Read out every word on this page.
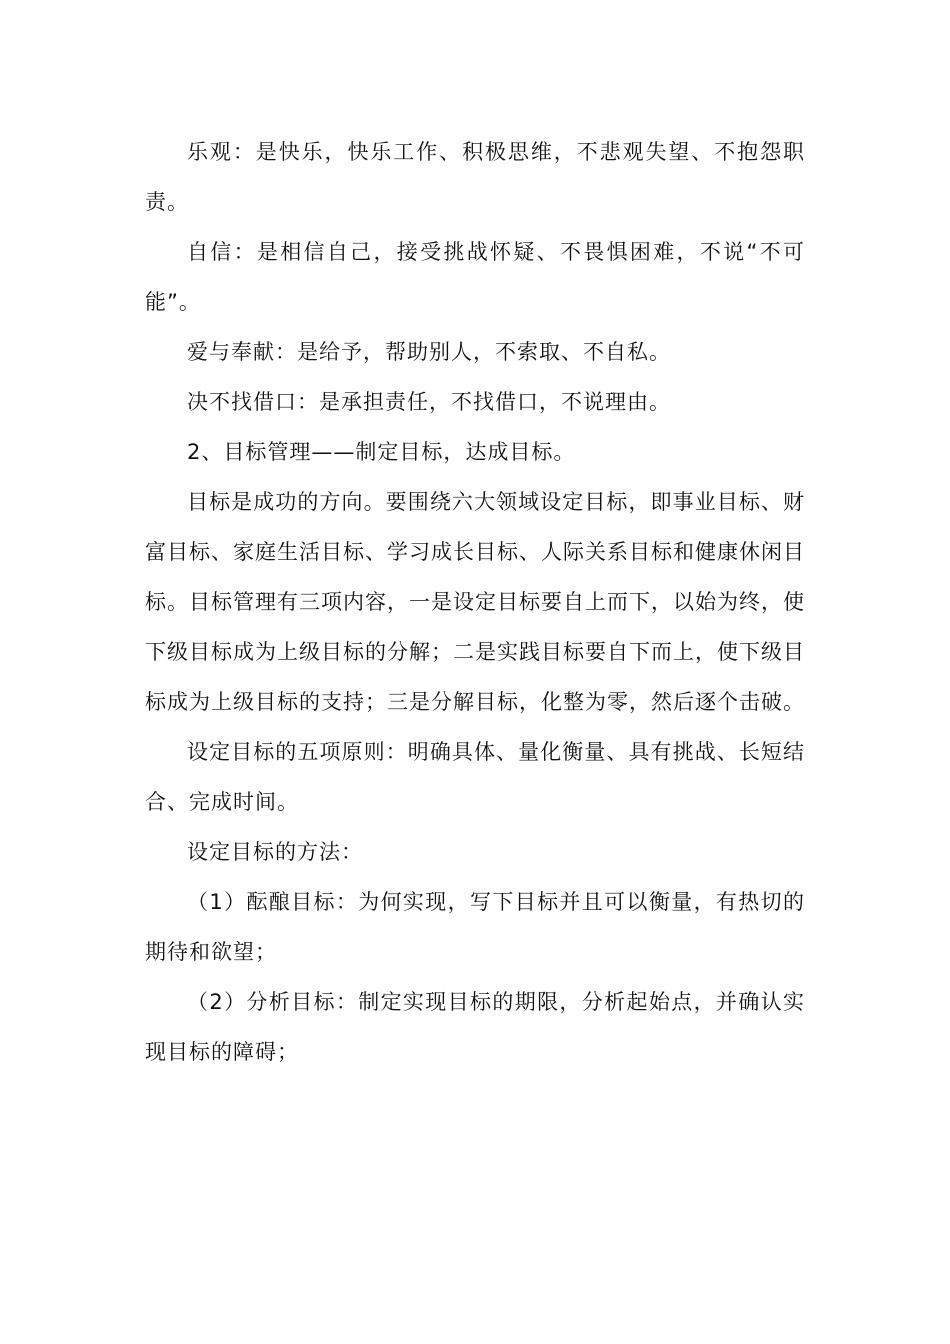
乐观：是快乐，快乐工作、积极思维，不悲观失望、不抱怨职责。

自信：是相信自己，接受挑战怀疑、不畏惧困难，不说“不可能”。

爱与奉献：是给予，帮助别人，不索取、不自私。

决不找借口：是承担责任，不找借口，不说理由。

2、目标管理——制定目标，达成目标。

目标是成功的方向。要围绕六大领域设定目标，即事业目标、财富目标、家庭生活目标、学习成长目标、人际关系目标和健康休闲目标。目标管理有三项内容，一是设定目标要自上而下，以始为终，使下级目标成为上级目标的分解；二是实践目标要自下而上，使下级目标成为上级目标的支持；三是分解目标，化整为零，然后逐个击破。

设定目标的五项原则：明确具体、量化衡量、具有挑战、长短结合、完成时间。

设定目标的方法：

（1）酝酿目标：为何实现，写下目标并且可以衡量，有热切的期待和欲望；

（2）分析目标：制定实现目标的期限，分析起始点，并确认实现目标的障碍；
